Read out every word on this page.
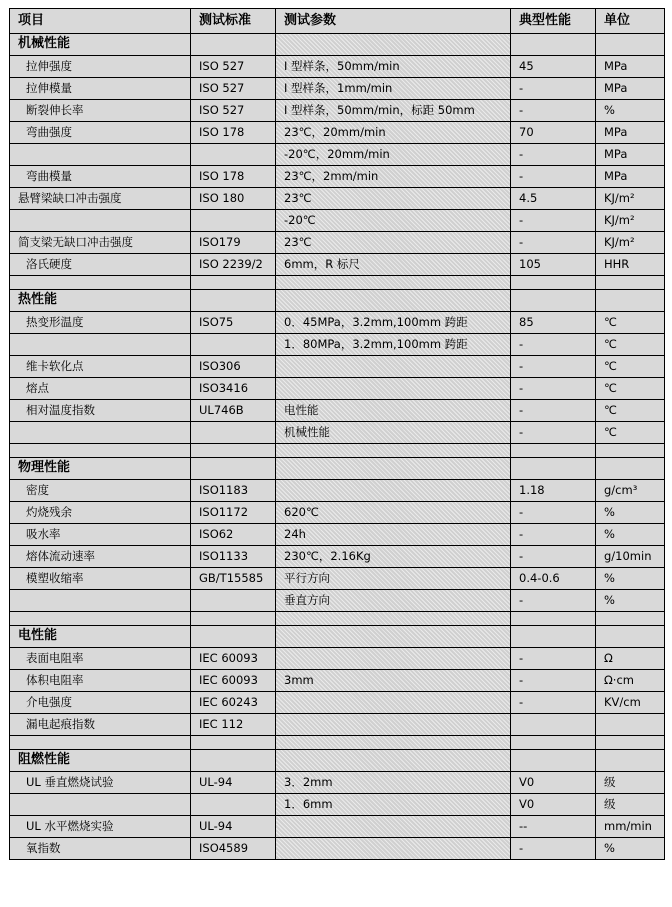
项目	测试标准	测试参数	典型性能	单位

机械性能				

拉伸强度	ISO 527	I 型样条，50mm/min	45	MPa

拉伸模量	ISO 527	I 型样条，1mm/min	-	MPa

断裂伸长率	ISO 527	I 型样条，50mm/min，标距 50mm	-	%

弯曲强度	ISO 178	23℃，20mm/min	70	MPa

		-20℃，20mm/min	-	MPa

弯曲模量	ISO 178	23℃，2mm/min	-	MPa

悬臂梁缺口冲击强度	ISO 180	23℃	4.5	KJ/m²

		-20℃	-	KJ/m²

简支梁无缺口冲击强度	ISO179	23℃	-	KJ/m²

洛氏硬度	ISO 2239/2	6mm，R 标尺	105	HHR

热性能				

热变形温度	ISO75	0．45MPa，3.2mm,100mm 跨距	85	℃

		1．80MPa，3.2mm,100mm 跨距	-	℃

维卡软化点	ISO306		-	℃

熔点	ISO3416		-	℃

相对温度指数	UL746B	电性能	-	℃

		机械性能	-	℃

物理性能				

密度	ISO1183		1.18	g/cm³

灼烧残余	ISO1172	620℃	-	%

吸水率	ISO62	24h	-	%

熔体流动速率	ISO1133	230℃，2.16Kg	-	g/10min

模塑收缩率	GB/T15585	平行方向	0.4-0.6	%

		垂直方向	-	%

电性能				

表面电阻率	IEC 60093		-	Ω

体积电阻率	IEC 60093	3mm	-	Ω·cm

介电强度	IEC 60243		-	KV/cm

漏电起痕指数	IEC 112			

阻燃性能				

UL 垂直燃烧试验	UL-94	3．2mm	V0	级

		1．6mm	V0	级

UL 水平燃烧实验	UL-94		--	mm/min

氧指数	ISO4589		-	%
